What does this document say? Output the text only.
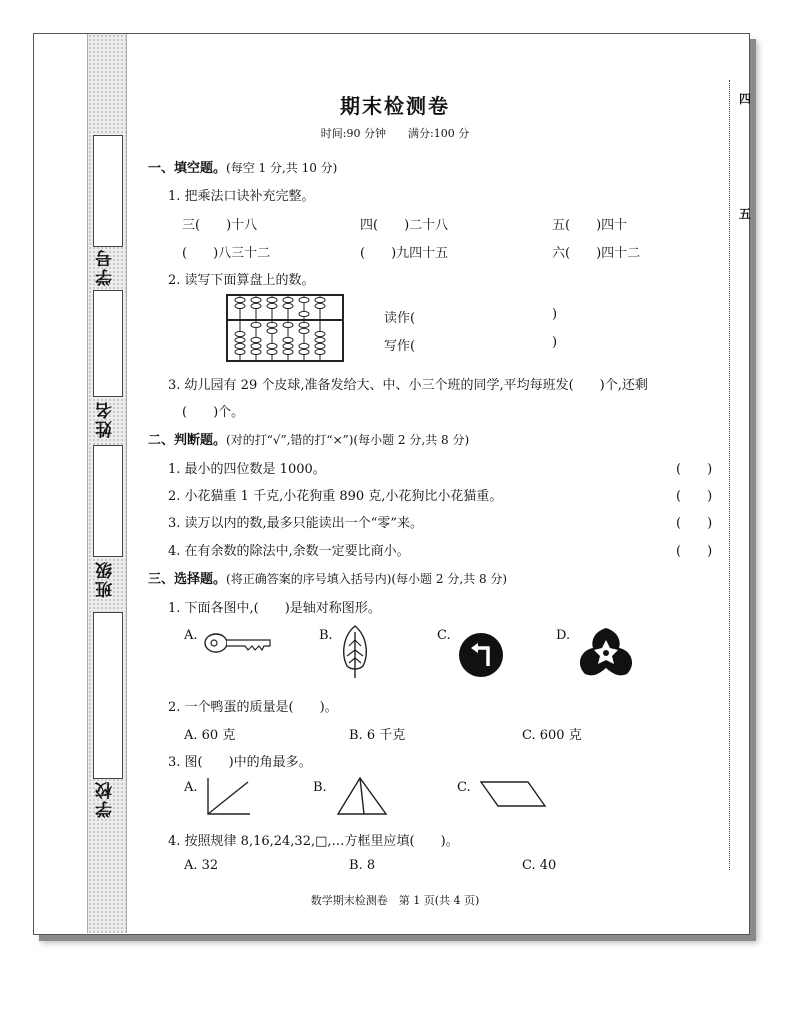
学号
姓名
班级
学校
四
五
期末检测卷
时间:90 分钟　　满分:100 分
一、填空题。(每空 1 分,共 10 分)
1. 把乘法口诀补充完整。
三(　　)十八	四(　　)二十八	五(　　)四十
(　　)八三十二	(　　)九四十五	六(　　)四十二
2. 读写下面算盘上的数。
读作(	)
写作(	)
3. 幼儿园有 29 个皮球,准备发给大、中、小三个班的同学,平均每班发(　　)个,还剩
(　　)个。
二、判断题。(对的打“√”,错的打“×”)(每小题 2 分,共 8 分)
1. 最小的四位数是 1000。	(　　)
2. 小花猫重 1 千克,小花狗重 890 克,小花狗比小花猫重。	(　　)
3. 读万以内的数,最多只能读出一个“零”来。	(　　)
4. 在有余数的除法中,余数一定要比商小。	(　　)
三、选择题。(将正确答案的序号填入括号内)(每小题 2 分,共 8 分)
1. 下面各图中,(　　)是轴对称图形。
A.	B.	C.	D.
2. 一个鸭蛋的质量是(　　)。
A. 60 克	B. 6 千克	C. 600 克
3. 图(　　)中的角最多。
A.	B.	C.
4. 按照规律 8,16,24,32,□,…方框里应填(　　)。
A. 32	B. 8	C. 40
数学期末检测卷　第 1 页(共 4 页)
